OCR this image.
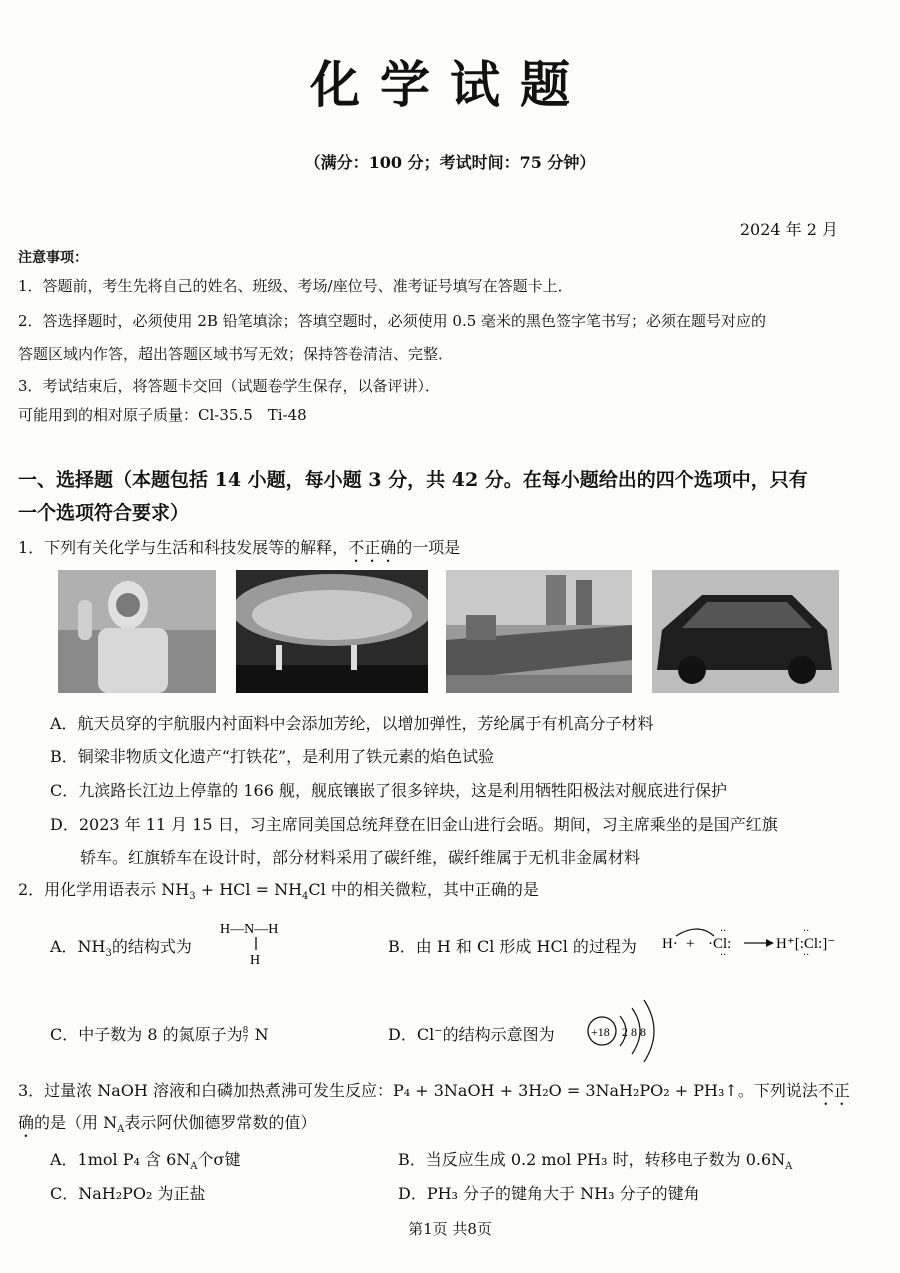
化学试题
（满分：100 分；考试时间：75 分钟）
2024 年 2 月
注意事项：
1．答题前，考生先将自己的姓名、班级、考场/座位号、准考证号填写在答题卡上．
2．答选择题时，必须使用 2B 铅笔填涂；答填空题时，必须使用 0.5 毫米的黑色签字笔书写；必须在题号对应的
答题区域内作答，超出答题区域书写无效；保持答卷清洁、完整．
3．考试结束后，将答题卡交回（试题卷学生保存，以备评讲）．
可能用到的相对原子质量：Cl-35.5　Ti-48
一、选择题（本题包括 14 小题，每小题 3 分，共 42 分。在每小题给出的四个选项中，只有
一个选项符合要求）
1．下列有关化学与生活和科技发展等的解释，不正确的一项是
A．航天员穿的宇航服内衬面料中会添加芳纶，以增加弹性，芳纶属于有机高分子材料
B．铜梁非物质文化遗产“打铁花”，是利用了铁元素的焰色试验
C．九滨路长江边上停靠的 166 舰，舰底镶嵌了很多锌块，这是利用牺牲阳极法对舰底进行保护
D．2023 年 11 月 15 日，习主席同美国总统拜登在旧金山进行会晤。期间，习主席乘坐的是国产红旗
轿车。红旗轿车在设计时，部分材料采用了碳纤维，碳纤维属于无机非金属材料
2．用化学用语表示 $NH_3$ + HCl = $NH_4Cl$ 中的相关微粒，其中正确的是
A．$NH_3$的结构式为
H—N—H
H
B．由 H 和 Cl 形成 HCl 的过程为 H· + ·Cl:
··
··
H⁺[:Cl:]⁻
··
··
C．中子数为 8 的氮原子为 8
7 N	D．Cl−的结构示意图为	+18 2 8 8
3．过量浓 NaOH 溶液和白磷加热煮沸可发生反应：P₄ + 3NaOH + 3H₂O = 3NaH₂PO₂ + PH₃↑。下列说法不正
确的是（用 $N_A$表示阿伏伽德罗常数的值）
A．1mol P₄ 含 $6N_A$个σ键	B．当反应生成 0.2 mol PH₃ 时，转移电子数为 $0.6N_A$
C．NaH₂PO₂ 为正盐	D．PH₃ 分子的键角大于 NH₃ 分子的键角
第1页 共8页
